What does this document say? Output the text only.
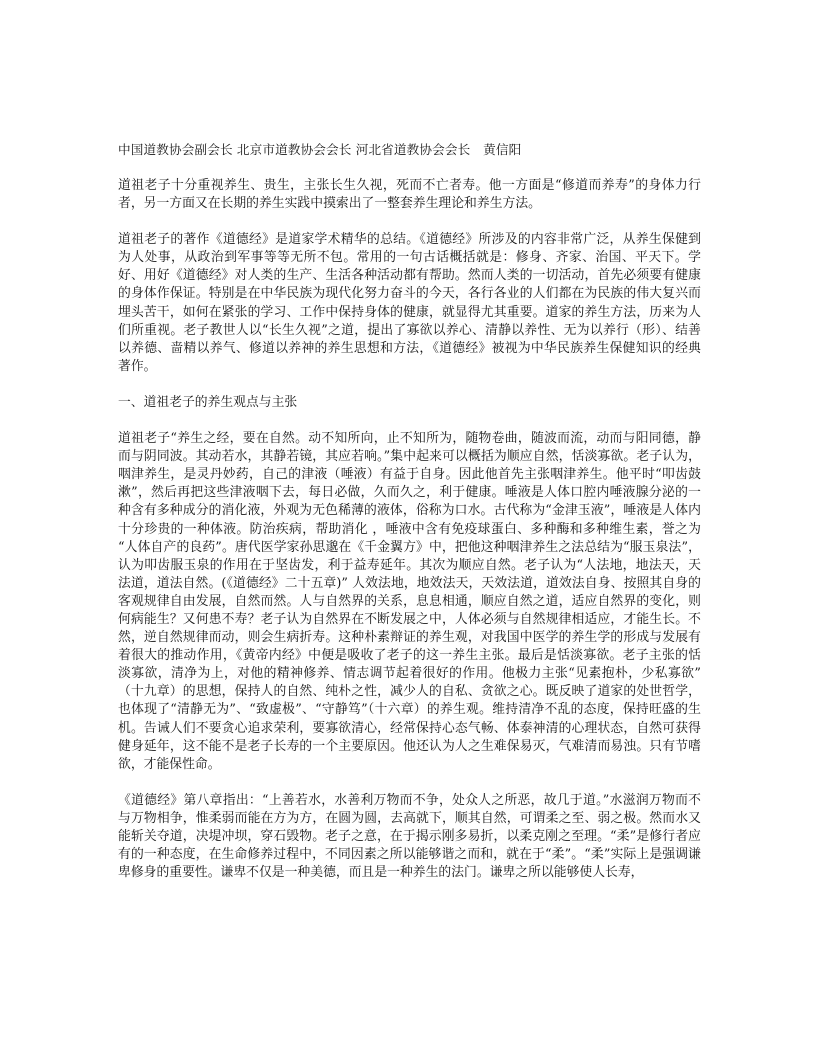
中国道教协会副会长 北京市道教协会会长 河北省道教协会会长　黄信阳

道祖老子十分重视养生、贵生，主张长生久视，死而不亡者寿。他一方面是“修道而养寿”的身体力行者，另一方面又在长期的养生实践中摸索出了一整套养生理论和养生方法。

道祖老子的著作《道德经》是道家学术精华的总结。《道德经》所涉及的内容非常广泛，从养生保健到为人处事，从政治到军事等等无所不包。常用的一句古话概括就是：修身、齐家、治国、平天下。学好、用好《道德经》对人类的生产、生活各种活动都有帮助。然而人类的一切活动，首先必须要有健康的身体作保证。特别是在中华民族为现代化努力奋斗的今天，各行各业的人们都在为民族的伟大复兴而埋头苦干，如何在紧张的学习、工作中保持身体的健康，就显得尤其重要。道家的养生方法，历来为人们所重视。老子教世人以“长生久视”之道，提出了寡欲以养心、清静以养性、无为以养行（形）、结善以养德、啬精以养气、修道以养神的养生思想和方法，《道德经》被视为中华民族养生保健知识的经典著作。

一、道祖老子的养生观点与主张

道祖老子“养生之经，要在自然。动不知所向，止不知所为，随物卷曲，随波而流，动而与阳同德，静而与阴同波。其动若水，其静若镜，其应若响。”集中起来可以概括为顺应自然，恬淡寡欲。老子认为，咽津养生，是灵丹妙药，自己的津液（唾液）有益于自身。因此他首先主张咽津养生。他平时“叩齿鼓漱”，然后再把这些津液咽下去，每日必做，久而久之，利于健康。唾液是人体口腔内唾液腺分泌的一种含有多种成分的消化液，外观为无色稀薄的液体，俗称为口水。古代称为“金津玉液”，唾液是人体内十分珍贵的一种体液。防治疾病，帮助消化 ，唾液中含有免疫球蛋白、多种酶和多种维生素，誉之为“人体自产的良药”。唐代医学家孙思邈在《千金翼方》中，把他这种咽津养生之法总结为“服玉泉法”，认为叩齿服玉泉的作用在于坚齿发，利于益寿延年。其次为顺应自然。老子认为“人法地，地法天，天法道，道法自然。(《道德经》二十五章)” 人效法地，地效法天，天效法道，道效法自身、按照其自身的客观规律自由发展，自然而然。人与自然界的关系，息息相通，顺应自然之道，适应自然界的变化，则何病能生？又何患不寿？老子认为自然界在不断发展之中，人体必须与自然规律相适应，才能生长。不然，逆自然规律而动，则会生病折寿。这种朴素辩证的养生观，对我国中医学的养生学的形成与发展有着很大的推动作用，《黄帝内经》中便是吸收了老子的这一养生主张。最后是恬淡寡欲。老子主张的恬淡寡欲，清净为上，对他的精神修养、情志调节起着很好的作用。他极力主张“见素抱朴，少私寡欲”（十九章）的思想，保持人的自然、纯朴之性，减少人的自私、贪欲之心。既反映了道家的处世哲学，也体现了“清静无为”、“致虚极”、“守静笃”（十六章）的养生观。维持清净不乱的态度，保持旺盛的生机。告诫人们不要贪心追求荣利，要寡欲清心，经常保持心态气畅、体泰神清的心理状态，自然可获得健身延年，这不能不是老子长寿的一个主要原因。他还认为人之生难保易灭，气难清而易浊。只有节嗜欲，才能保性命。

《道德经》第八章指出：“上善若水，水善利万物而不争，处众人之所恶，故几于道。”水滋润万物而不与万物相争，惟柔弱而能在方为方，在圆为圆，去高就下，顺其自然，可谓柔之至、弱之极。然而水又能斩关夺道，决堤冲坝，穿石毁物。老子之意，在于揭示刚多易折，以柔克刚之至理。“柔”是修行者应有的一种态度，在生命修养过程中，不同因素之所以能够谐之而和，就在于“柔”。“柔”实际上是强调谦卑修身的重要性。谦卑不仅是一种美德，而且是一种养生的法门。谦卑之所以能够使人长寿，
